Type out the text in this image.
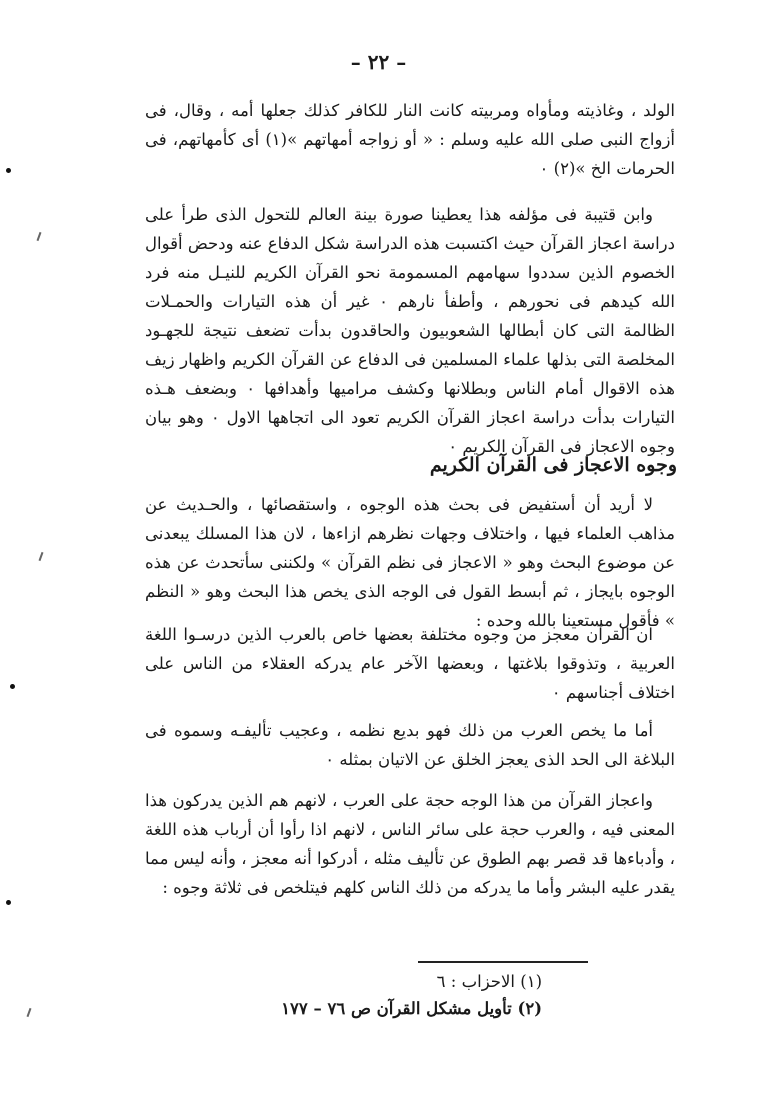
– ٢٢ –

الولد ، وغاذيته ومأواه ومربيته كانت النار للكافر كذلك جعلها أمه ، وقال، فى أزواج النبى صلى الله عليه وسلم : « أو زواجه أمهاتهم »(١) أى كأمهاتهم، فى الحرمات الخ »(٢) ٠

وابن قتيبة فى مؤلفه هذا يعطينا صورة بينة العالم للتحول الذى طرأ على دراسة اعجاز القرآن حيث اكتسبت هذه الدراسة شكل الدفاع عنه ودحض أقوال الخصوم الذين سددوا سهامهم المسمومة نحو القرآن الكريم للنيـل منه فرد الله كيدهم فى نحورهم ، وأطفأ نارهم ٠ غير أن هذه التيارات والحمـلات الظالمة التى كان أبطالها الشعوبيون والحاقدون بدأت تضعف نتيجة للجهـود المخلصة التى بذلها علماء المسلمين فى الدفاع عن القرآن الكريم واظهار زيف هذه الاقوال أمام الناس وبطلانها وكشف مراميها وأهدافها ٠ وبضعف هـذه التيارات بدأت دراسة اعجاز القرآن الكريم تعود الى اتجاهها الاول ٠ وهو بيان وجوه الاعجاز فى القرآن الكريم ٠

وجوه الاعجاز فى القرآن الكريم

لا أريد أن أستفيض فى بحث هذه الوجوه ، واستقصائها ، والحـديث عن مذاهب العلماء فيها ، واختلاف وجهات نظرهم ازاءها ، لان هذا المسلك يبعدنى عن موضوع البحث وهو « الاعجاز فى نظم القرآن » ولكننى سأتحدث عن هذه الوجوه بايجاز ، ثم أبسط القول فى الوجه الذى يخص هذا البحث وهو « النظم » فأقول مستعينا بالله وحده :

ان القرآن معجز من وجوه مختلفة بعضها خاص بالعرب الذين درسـوا اللغة العربية ، وتذوقوا بلاغتها ، وبعضها الآخر عام يدركه العقلاء من الناس على اختلاف أجناسهم ٠

أما ما يخص العرب من ذلك فهو بديع نظمه ، وعجيب تأليفـه وسموه فى البلاغة الى الحد الذى يعجز الخلق عن الاتيان بمثله ٠

واعجاز القرآن من هذا الوجه حجة على العرب ، لانهم هم الذين يدركون هذا المعنى فيه ، والعرب حجة على سائر الناس ، لانهم اذا رأوا أن أرباب هذه اللغة ، وأدباءها قد قصر بهم الطوق عن تأليف مثله ، أدركوا أنه معجز ، وأنه ليس مما يقدر عليه البشر وأما ما يدركه من ذلك الناس كلهم فيتلخص فى ثلاثة وجوه :

(١) الاحزاب : ٦
(٢) تأويل مشكل القرآن ص ٧٦ – ١٧٧
